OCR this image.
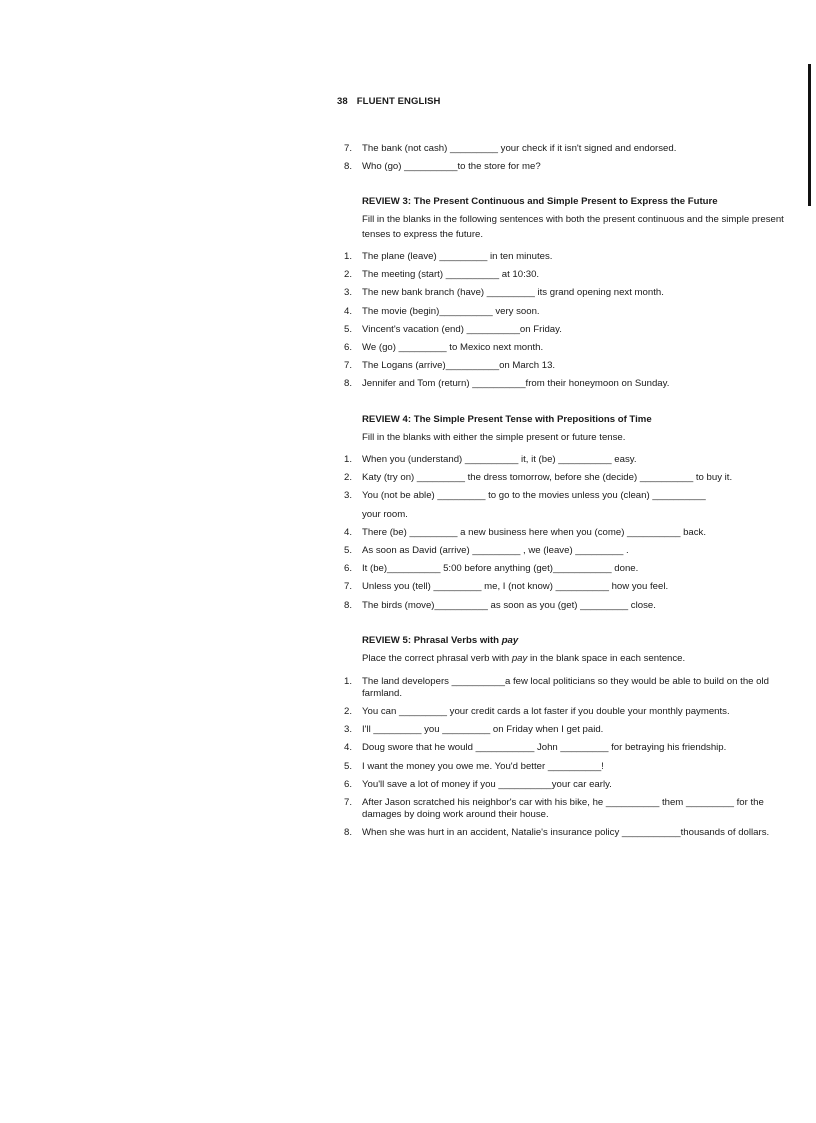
38 FLUENT ENGLISH
7.	The bank (not cash) _________ your check if it isn't signed and endorsed.
8.	Who (go) __________to the store for me?
REVIEW 3: The Present Continuous and Simple Present to Express the Future
Fill in the blanks in the following sentences with both the present continuous and the simple present tenses to express the future.
1.	The plane (leave) _________ in ten minutes.
2.	The meeting (start) __________ at 10:30.
3.	The new bank branch (have) _________ its grand opening next month.
4.	The movie (begin)__________ very soon.
5.	Vincent's vacation (end) __________on Friday.
6.	We (go) _________ to Mexico next month.
7.	The Logans (arrive)__________on March 13.
8.	Jennifer and Tom (return) __________from their honeymoon on Sunday.
REVIEW 4: The Simple Present Tense with Prepositions of Time
Fill in the blanks with either the simple present or future tense.
1.	When you (understand) __________ it, it (be) __________ easy.
2.	Katy (try on) _________ the dress tomorrow, before she (decide) __________ to buy it.
3.	You (not be able) _________ to go to the movies unless you (clean) __________
your room.
4.	There (be) _________ a new business here when you (come) __________ back.
5.	As soon as David (arrive) _________ , we (leave) _________ .
6.	It (be)__________ 5:00 before anything (get)___________ done.
7.	Unless you (tell) _________ me, I (not know) __________ how you feel.
8.	The birds (move)__________ as soon as you (get) _________ close.
REVIEW 5: Phrasal Verbs with pay
Place the correct phrasal verb with pay in the blank space in each sentence.
1.	The land developers __________a few local politicians so they would be able to build on the old farmland.
2.	You can _________ your credit cards a lot faster if you double your monthly payments.
3.	I'll _________ you _________ on Friday when I get paid.
4.	Doug swore that he would ___________ John _________ for betraying his friendship.
5.	I want the money you owe me. You'd better __________!
6.	You'll save a lot of money if you __________your car early.
7.	After Jason scratched his neighbor's car with his bike, he __________ them _________ for the damages by doing work around their house.
8.	When she was hurt in an accident, Natalie's insurance policy ___________thousands of dollars.
